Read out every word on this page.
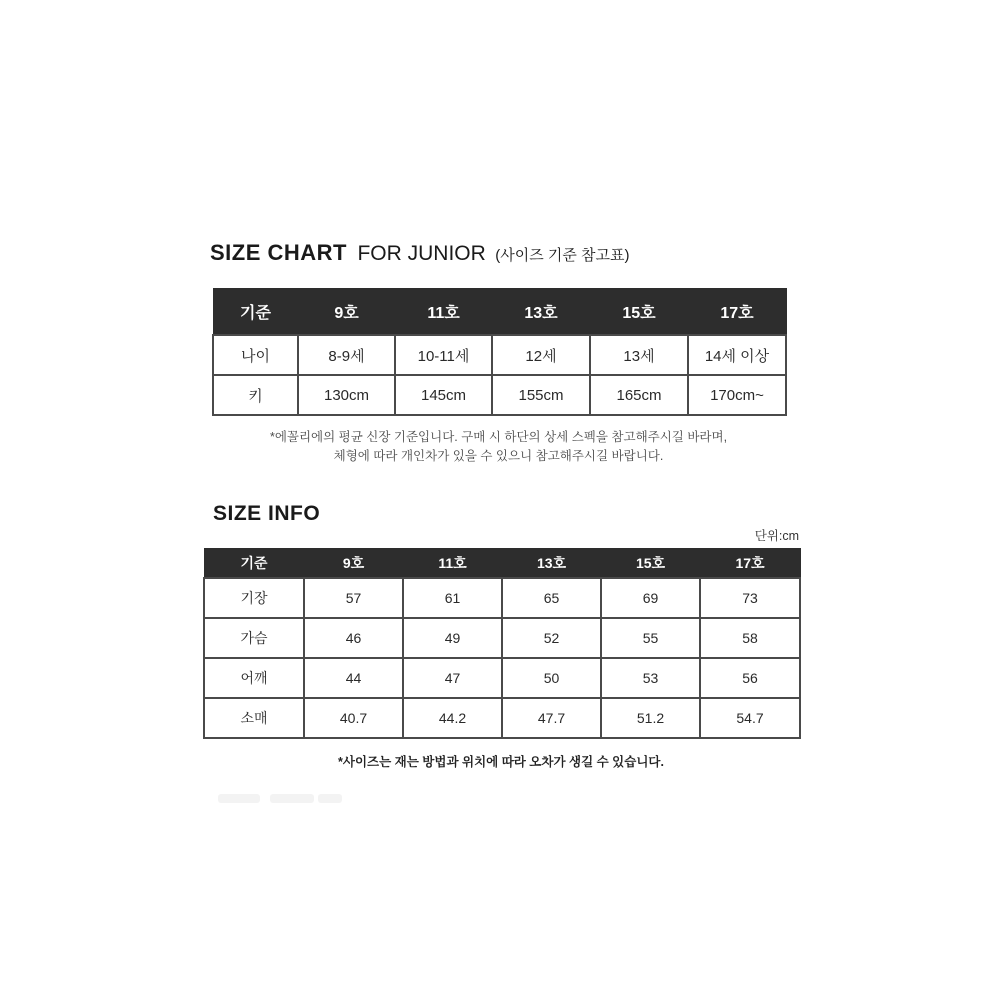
SIZE CHART FOR JUNIOR (사이즈 기준 참고표)
기준	9호	11호	13호	15호	17호
나이	8-9세	10-11세	12세	13세	14세 이상
키	130cm	145cm	155cm	165cm	170cm~
*에꼴리에의 평균 신장 기준입니다. 구매 시 하단의 상세 스펙을 참고해주시길 바라며,
체형에 따라 개인차가 있을 수 있으니 참고해주시길 바랍니다.
SIZE INFO
단위:cm
기준	9호	11호	13호	15호	17호
기장	57	61	65	69	73
가슴	46	49	52	55	58
어깨	44	47	50	53	56
소매	40.7	44.2	47.7	51.2	54.7
*사이즈는 재는 방법과 위치에 따라 오차가 생길 수 있습니다.
